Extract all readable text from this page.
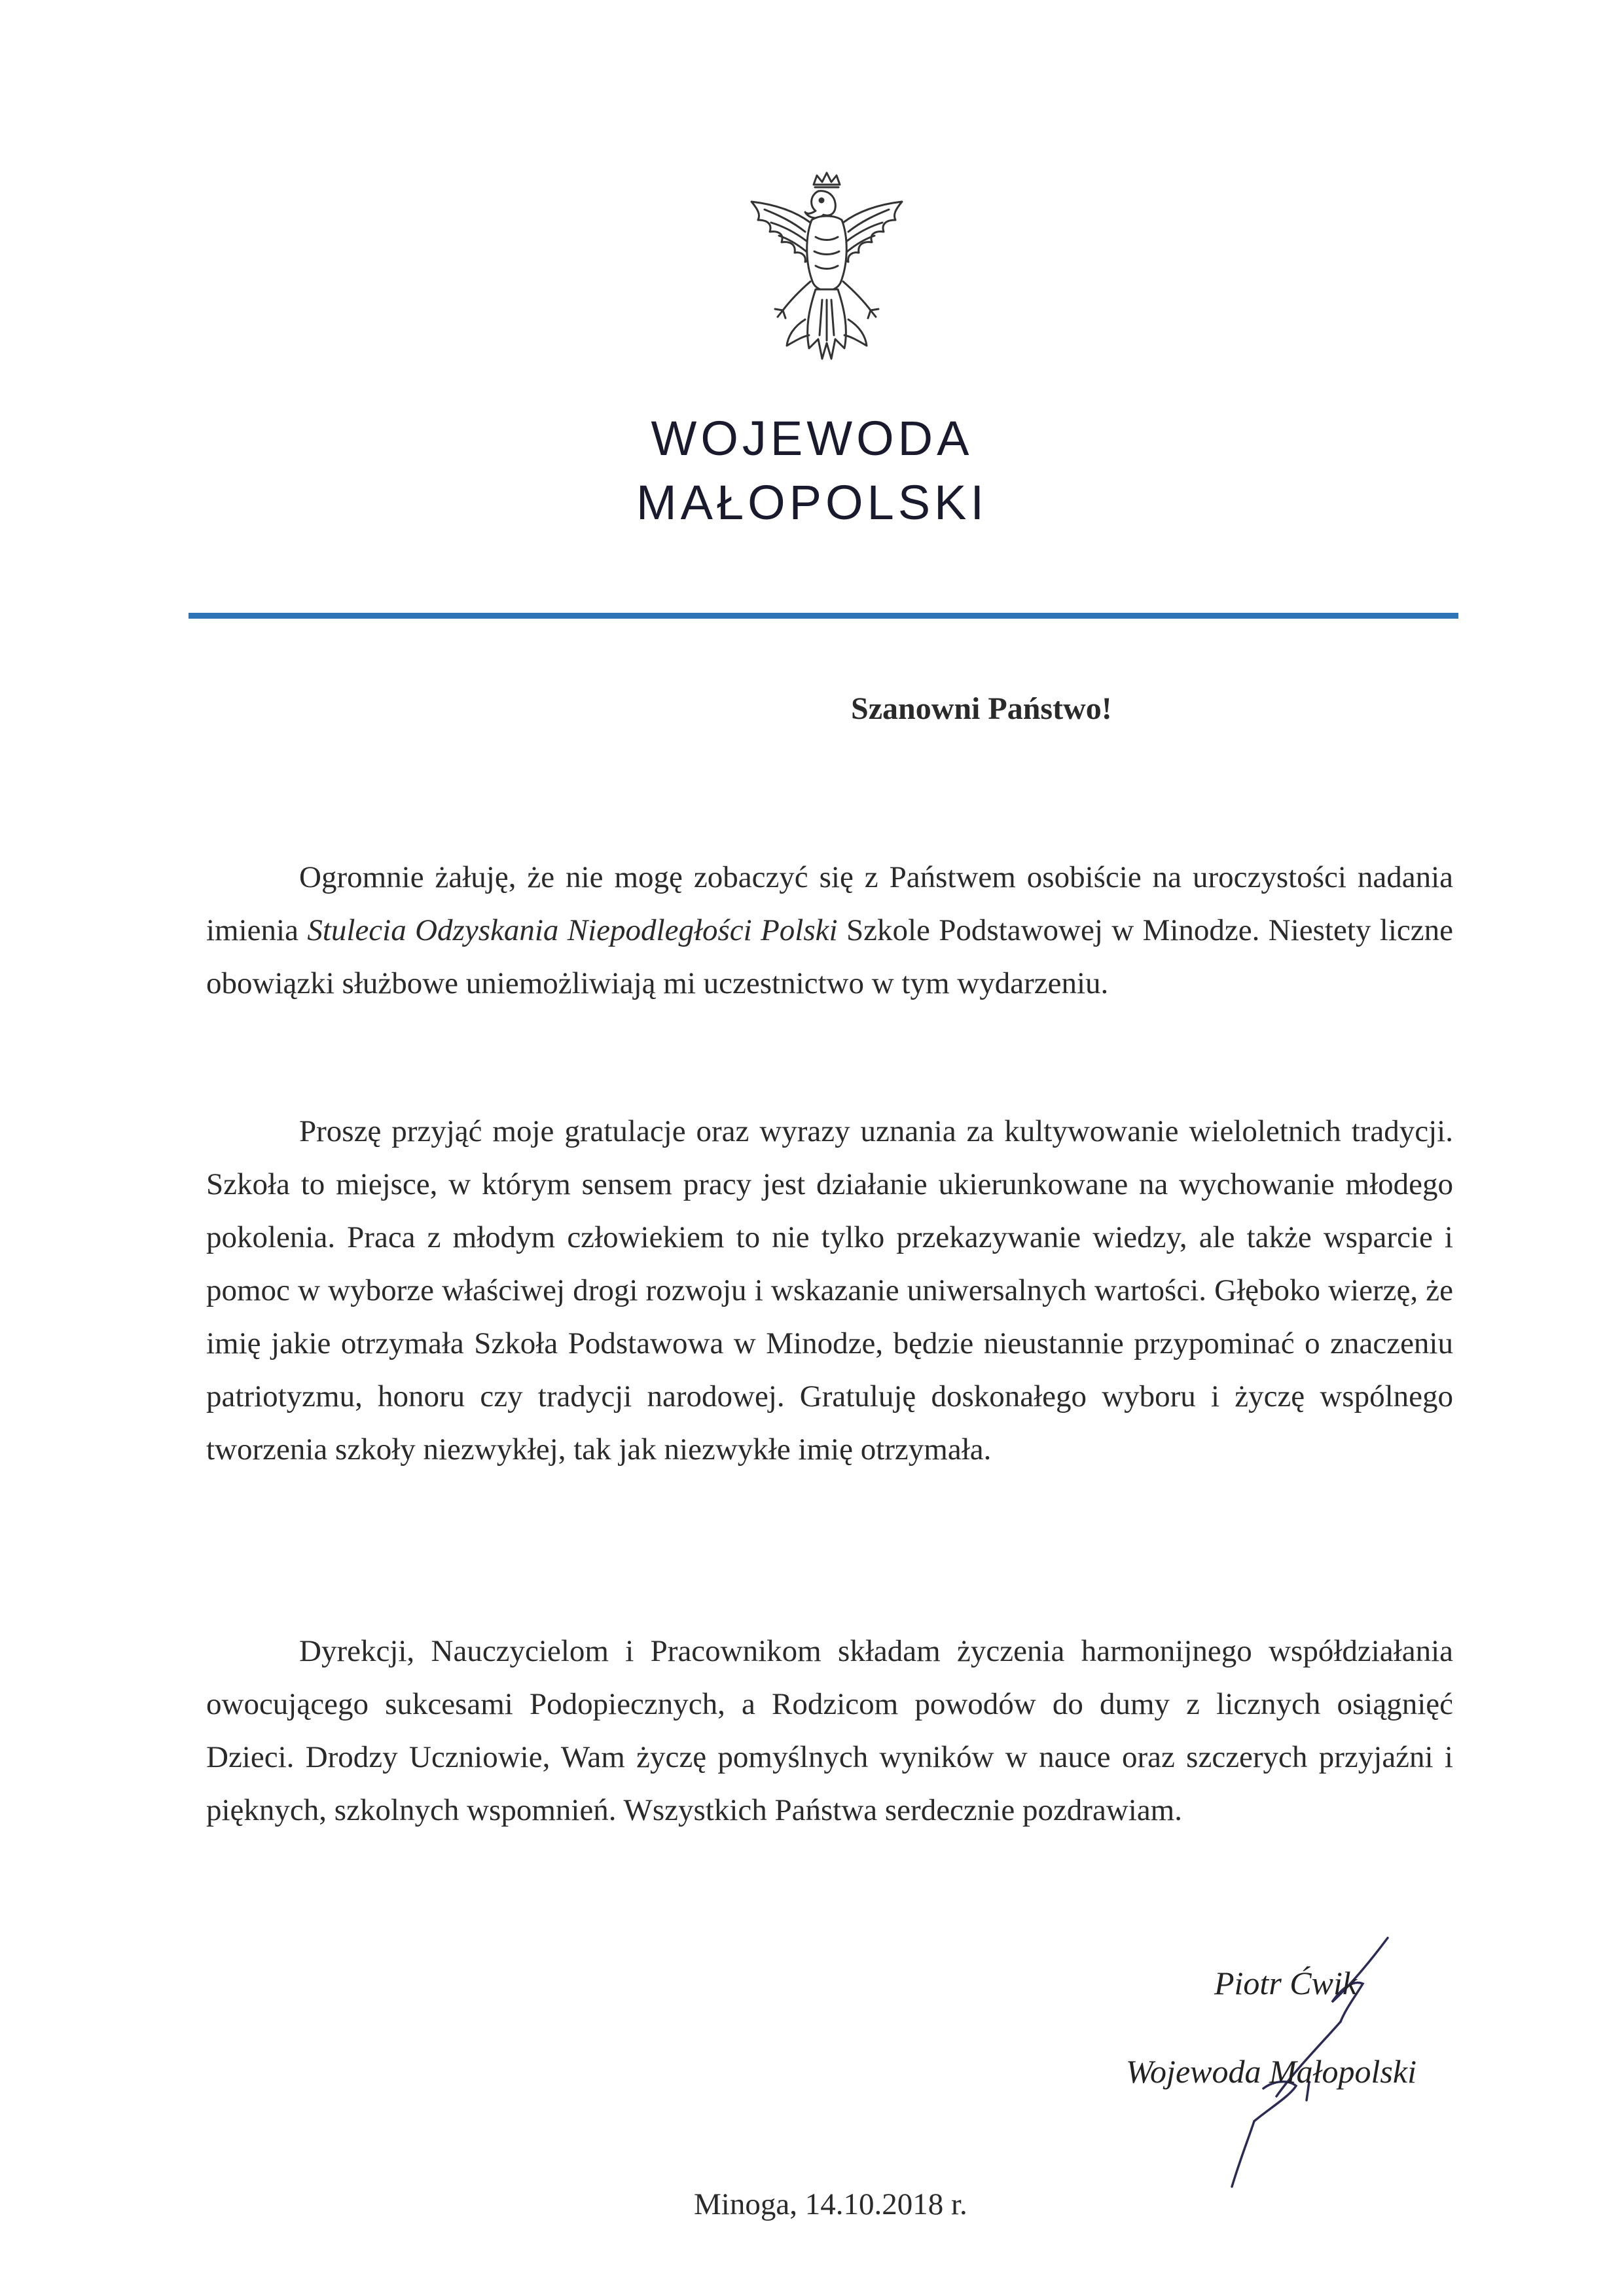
WOJEWODA
MAŁOPOLSKI
Szanowni Państwo!
Ogromnie żałuję, że nie mogę zobaczyć się z Państwem osobiście na uroczystości nadania imienia Stulecia Odzyskania Niepodległości Polski Szkole Podstawowej w Minodze. Niestety liczne obowiązki służbowe uniemożliwiają mi uczestnictwo w tym wydarzeniu.
Proszę przyjąć moje gratulacje oraz wyrazy uznania za kultywowanie wieloletnich tradycji. Szkoła to miejsce, w którym sensem pracy jest działanie ukierunkowane na wychowanie młodego pokolenia. Praca z młodym człowiekiem to nie tylko przekazywanie wiedzy, ale także wsparcie i pomoc w wyborze właściwej drogi rozwoju i wskazanie uniwersalnych wartości. Głęboko wierzę, że imię jakie otrzymała Szkoła Podstawowa w Minodze, będzie nieustannie przypominać o znaczeniu patriotyzmu, honoru czy tradycji narodowej. Gratuluję doskonałego wyboru i życzę wspólnego tworzenia szkoły niezwykłej, tak jak niezwykłe imię otrzymała.
Dyrekcji, Nauczycielom i Pracownikom składam życzenia harmonijnego współdziałania owocującego sukcesami Podopiecznych, a Rodzicom powodów do dumy z licznych osiągnięć Dzieci. Drodzy Uczniowie, Wam życzę pomyślnych wyników w nauce oraz szczerych przyjaźni i pięknych, szkolnych wspomnień. Wszystkich Państwa serdecznie pozdrawiam.
Piotr Ćwik
Wojewoda Małopolski
Minoga, 14.10.2018 r.
